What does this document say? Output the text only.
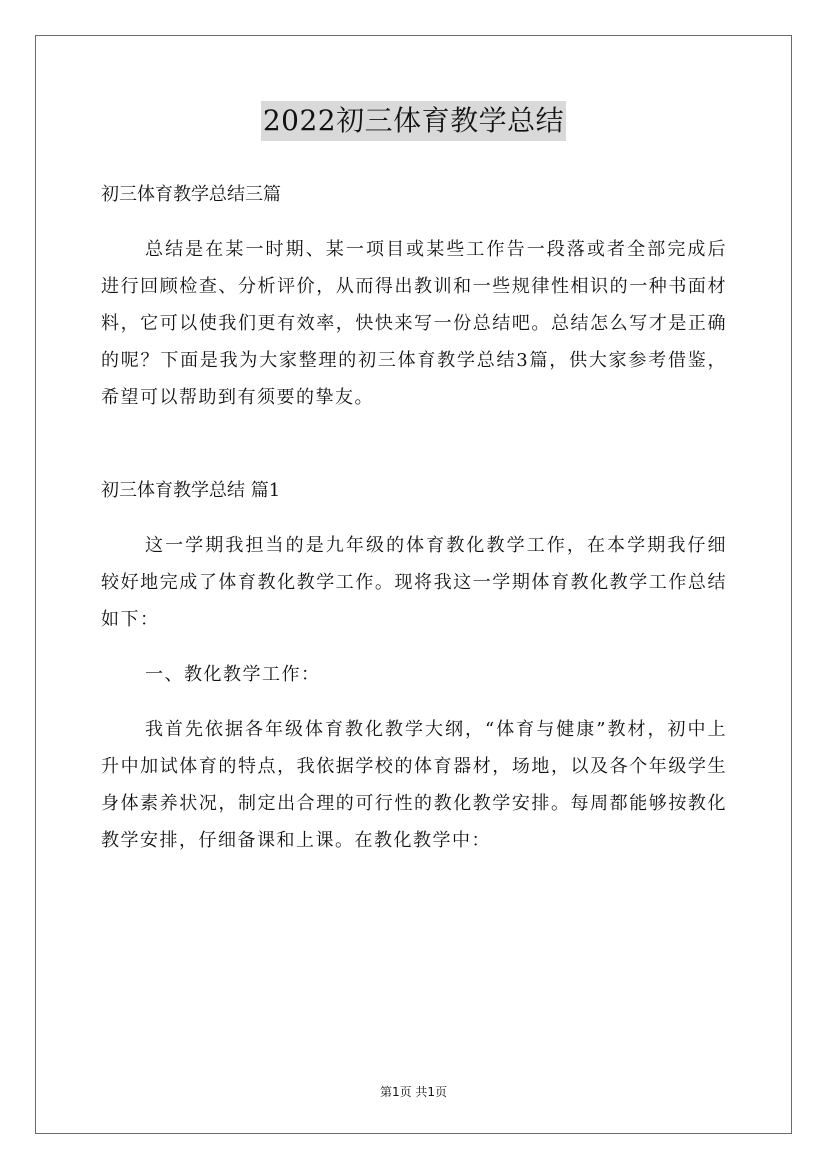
2022初三体育教学总结

初三体育教学总结三篇

总结是在某一时期、某一项目或某些工作告一段落或者全部完成后进行回顾检查、分析评价，从而得出教训和一些规律性相识的一种书面材料，它可以使我们更有效率，快快来写一份总结吧。总结怎么写才是正确的呢？下面是我为大家整理的初三体育教学总结3篇，供大家参考借鉴，希望可以帮助到有须要的挚友。

初三体育教学总结 篇1

这一学期我担当的是九年级的体育教化教学工作，在本学期我仔细较好地完成了体育教化教学工作。现将我这一学期体育教化教学工作总结如下：

一、教化教学工作：

我首先依据各年级体育教化教学大纲，“体育与健康”教材，初中上升中加试体育的特点，我依据学校的体育器材，场地，以及各个年级学生身体素养状况，制定出合理的可行性的教化教学安排。每周都能够按教化教学安排，仔细备课和上课。在教化教学中：

第1页 共1页
